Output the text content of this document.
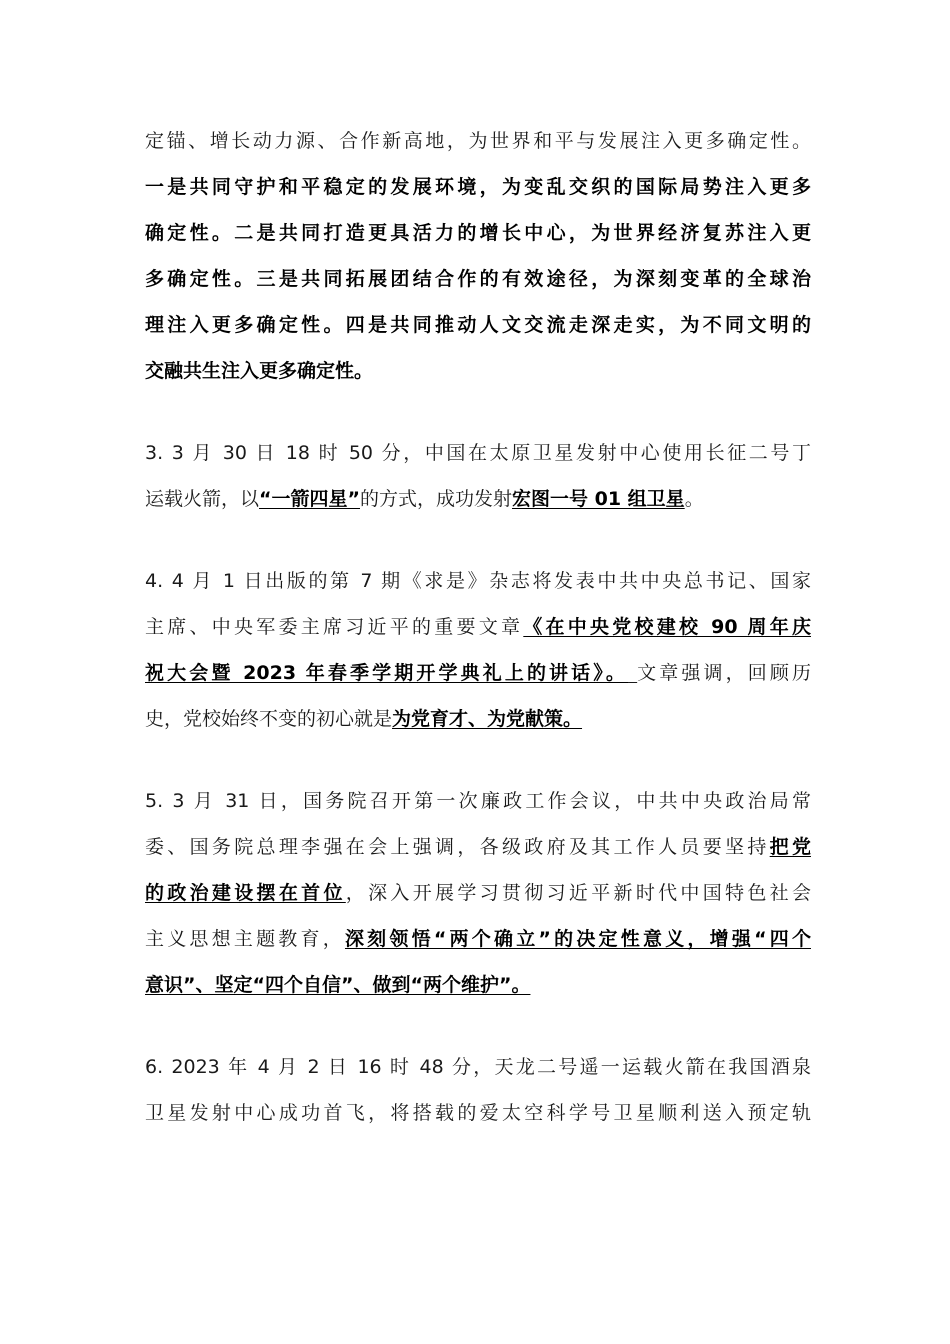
定锚、增长动力源、合作新高地，为世界和平与发展注入更多确定性。
一是共同守护和平稳定的发展环境，为变乱交织的国际局势注入更多
确定性。二是共同打造更具活力的增长中心，为世界经济复苏注入更
多确定性。三是共同拓展团结合作的有效途径，为深刻变革的全球治
理注入更多确定性。四是共同推动人文交流走深走实，为不同文明的
交融共生注入更多确定性。
3. 3 月 30 日 18 时 50 分，中国在太原卫星发射中心使用长征二号丁
运载火箭，以“一箭四星”的方式，成功发射宏图一号 01 组卫星。
4. 4 月 1 日出版的第 7 期《求是》杂志将发表中共中央总书记、国家
主席、中央军委主席习近平的重要文章《在中央党校建校 90 周年庆
祝大会暨 2023 年春季学期开学典礼上的讲话》。 文章强调，回顾历
史，党校始终不变的初心就是为党育才、为党献策。
5. 3 月 31 日，国务院召开第一次廉政工作会议，中共中央政治局常
委、国务院总理李强在会上强调，各级政府及其工作人员要坚持把党
的政治建设摆在首位，深入开展学习贯彻习近平新时代中国特色社会
主义思想主题教育，深刻领悟“两个确立”的决定性意义，增强“四个
意识”、坚定“四个自信”、做到“两个维护”。
6. 2023 年 4 月 2 日 16 时 48 分，天龙二号遥一运载火箭在我国酒泉
卫星发射中心成功首飞，将搭载的爱太空科学号卫星顺利送入预定轨
